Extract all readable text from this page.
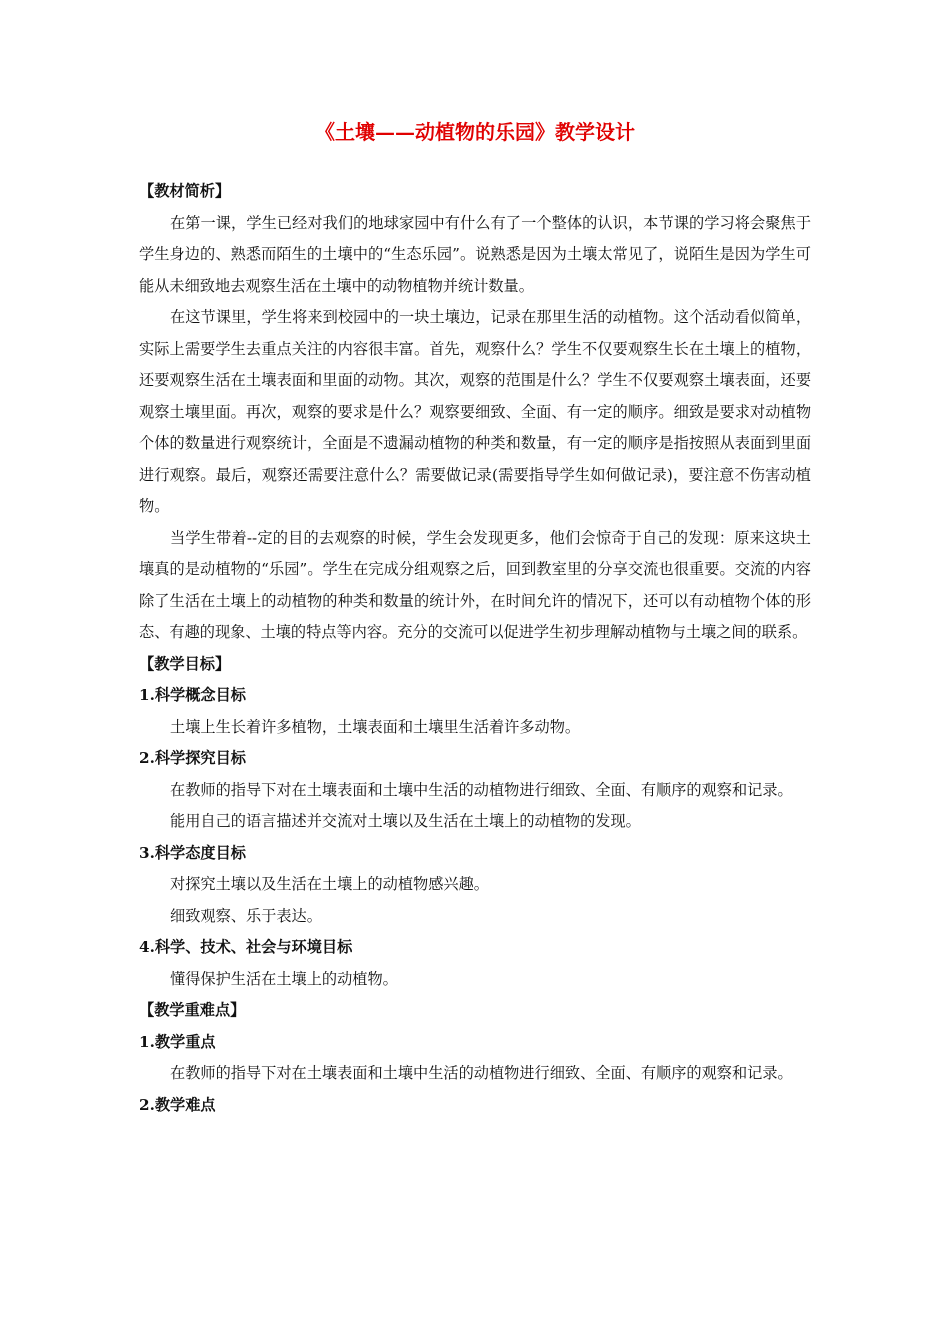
《土壤——动植物的乐园》教学设计

【教材简析】

在第一课，学生已经对我们的地球家园中有什么有了一个整体的认识，本节课的学习将会聚焦于学生身边的、熟悉而陌生的土壤中的“生态乐园”。说熟悉是因为土壤太常见了，说陌生是因为学生可能从未细致地去观察生活在土壤中的动物植物并统计数量。

在这节课里，学生将来到校园中的一块土壤边，记录在那里生活的动植物。这个活动看似简单，实际上需要学生去重点关注的内容很丰富。首先，观察什么？学生不仅要观察生长在土壤上的植物，还要观察生活在土壤表面和里面的动物。其次，观察的范围是什么？学生不仅要观察土壤表面，还要观察土壤里面。再次，观察的要求是什么？观察要细致、全面、有一定的顺序。细致是要求对动植物个体的数量进行观察统计，全面是不遗漏动植物的种类和数量，有一定的顺序是指按照从表面到里面进行观察。最后，观察还需要注意什么？需要做记录(需要指导学生如何做记录)，要注意不伤害动植物。

当学生带着--定的目的去观察的时候，学生会发现更多，他们会惊奇于自己的发现：原来这块土壤真的是动植物的“乐园”。学生在完成分组观察之后，回到教室里的分享交流也很重要。交流的内容除了生活在土壤上的动植物的种类和数量的统计外，在时间允许的情况下，还可以有动植物个体的形态、有趣的现象、土壤的特点等内容。充分的交流可以促进学生初步理解动植物与土壤之间的联系。

【教学目标】

1.科学概念目标

土壤上生长着许多植物，土壤表面和土壤里生活着许多动物。

2.科学探究目标

在教师的指导下对在土壤表面和土壤中生活的动植物进行细致、全面、有顺序的观察和记录。

能用自己的语言描述并交流对土壤以及生活在土壤上的动植物的发现。

3.科学态度目标

对探究土壤以及生活在土壤上的动植物感兴趣。

细致观察、乐于表达。

4.科学、技术、社会与环境目标

懂得保护生活在土壤上的动植物。

【教学重难点】

1.教学重点

在教师的指导下对在土壤表面和土壤中生活的动植物进行细致、全面、有顺序的观察和记录。

2.教学难点
